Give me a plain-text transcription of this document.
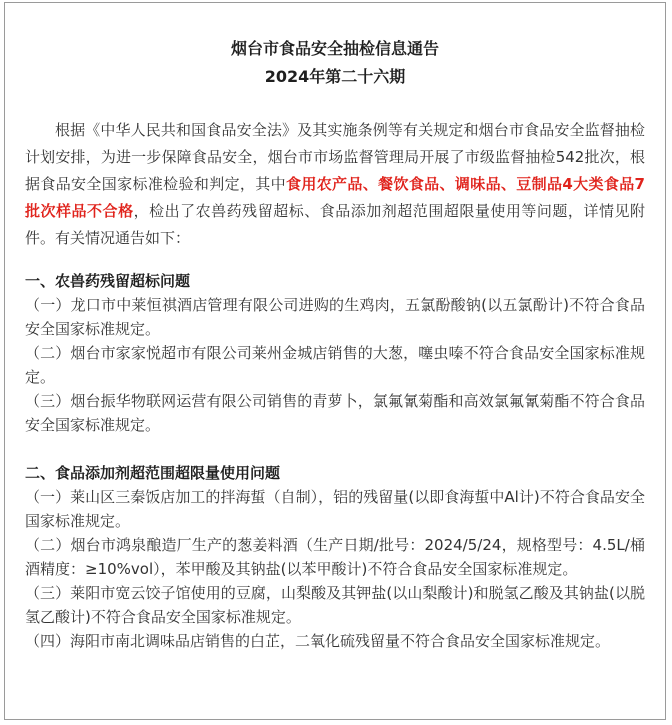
烟台市食品安全抽检信息通告

2024年第二十六期

根据《中华人民共和国食品安全法》及其实施条例等有关规定和烟台市食品安全监督抽检计划安排，为进一步保障食品安全，烟台市市场监督管理局开展了市级监督抽检542批次，根据食品安全国家标准检验和判定，其中食用农产品、餐饮食品、调味品、豆制品4大类食品7批次样品不合格，检出了农兽药残留超标、食品添加剂超范围超限量使用等问题，详情见附件。有关情况通告如下：

一、农兽药残留超标问题

（一）龙口市中莱恒祺酒店管理有限公司进购的生鸡肉，五氯酚酸钠(以五氯酚计)不符合食品安全国家标准规定。

（二）烟台市家家悦超市有限公司莱州金城店销售的大葱，噻虫嗪不符合食品安全国家标准规定。

（三）烟台振华物联网运营有限公司销售的青萝卜，氯氟氰菊酯和高效氯氟氰菊酯不符合食品安全国家标准规定。

二、食品添加剂超范围超限量使用问题

（一）莱山区三秦饭店加工的拌海蜇（自制），铝的残留量(以即食海蜇中Al计)不符合食品安全国家标准规定。

（二）烟台市鸿泉酿造厂生产的葱姜料酒（生产日期/批号：2024/5/24，规格型号：4.5L/桶 酒精度：≥10%vol），苯甲酸及其钠盐(以苯甲酸计)不符合食品安全国家标准规定。

（三）莱阳市宽云饺子馆使用的豆腐，山梨酸及其钾盐(以山梨酸计)和脱氢乙酸及其钠盐(以脱氢乙酸计)不符合食品安全国家标准规定。

（四）海阳市南北调味品店销售的白芷，二氧化硫残留量不符合食品安全国家标准规定。
